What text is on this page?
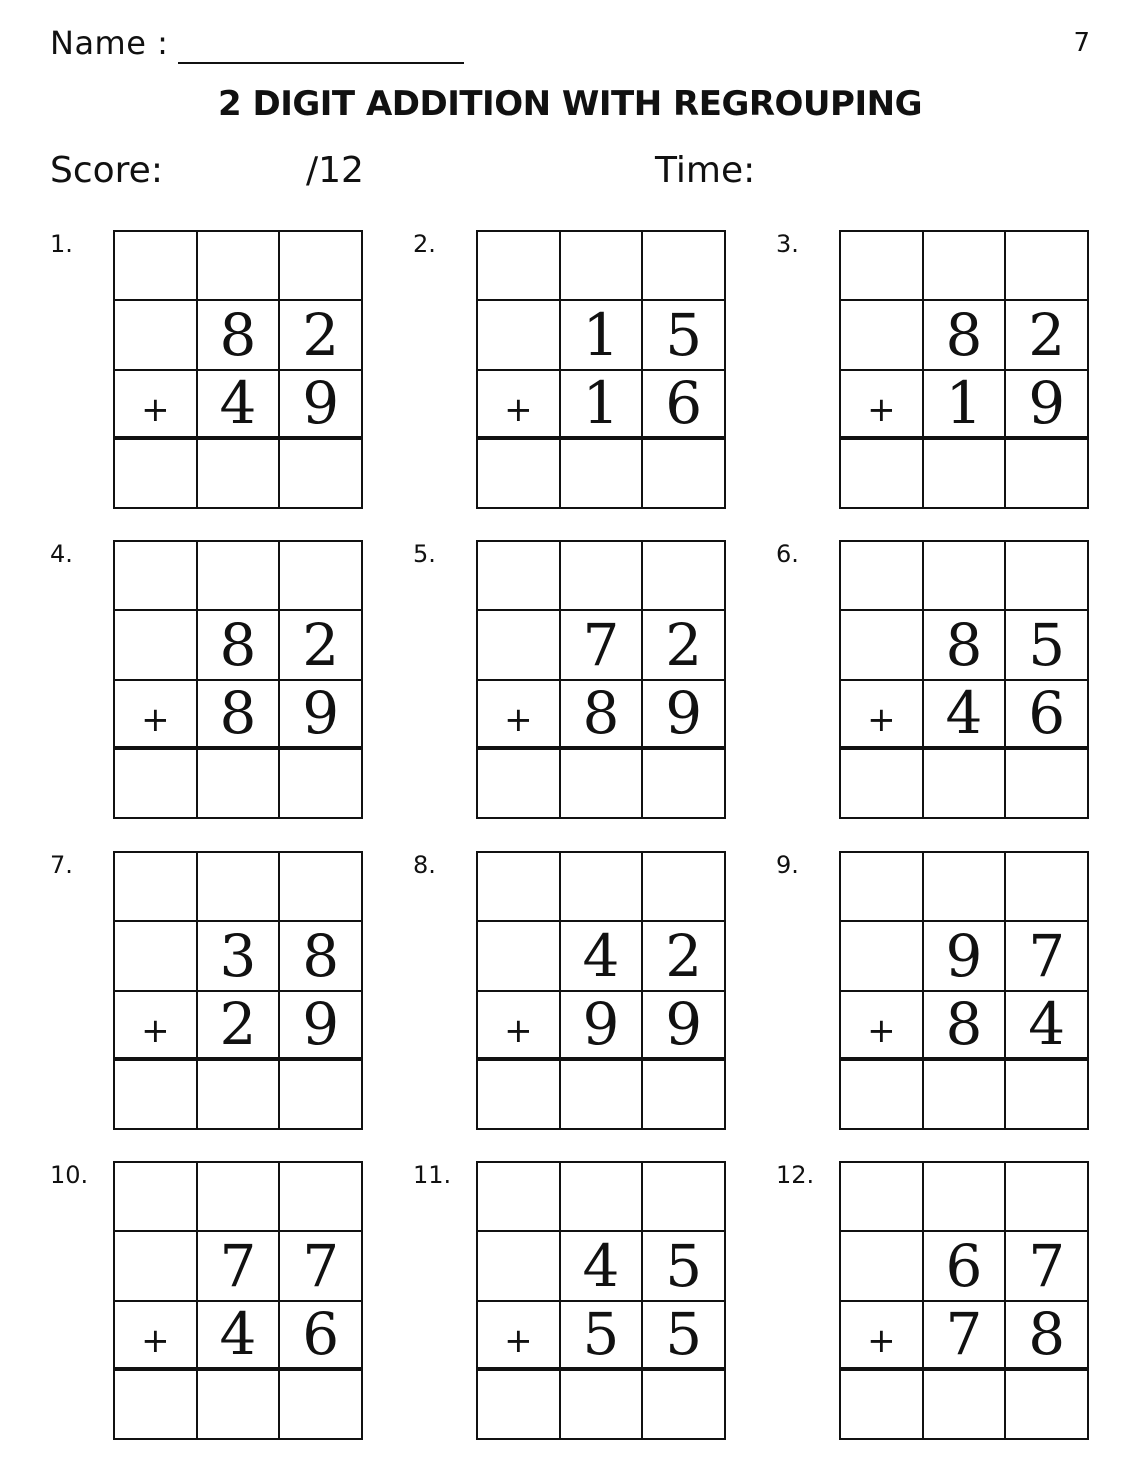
Name :	7
2 DIGIT ADDITION WITH REGROUPING
Score:	/12	Time:
1.
8 2
+ 4 9
2.
1 5
+ 1 6
3.
8 2
+ 1 9
4.
8 2
+ 8 9
5.
7 2
+ 8 9
6.
8 5
+ 4 6
7.
3 8
+ 2 9
8.
4 2
+ 9 9
9.
9 7
+ 8 4
10.
7 7
+ 4 6
11.
4 5
+ 5 5
12.
6 7
+ 7 8
